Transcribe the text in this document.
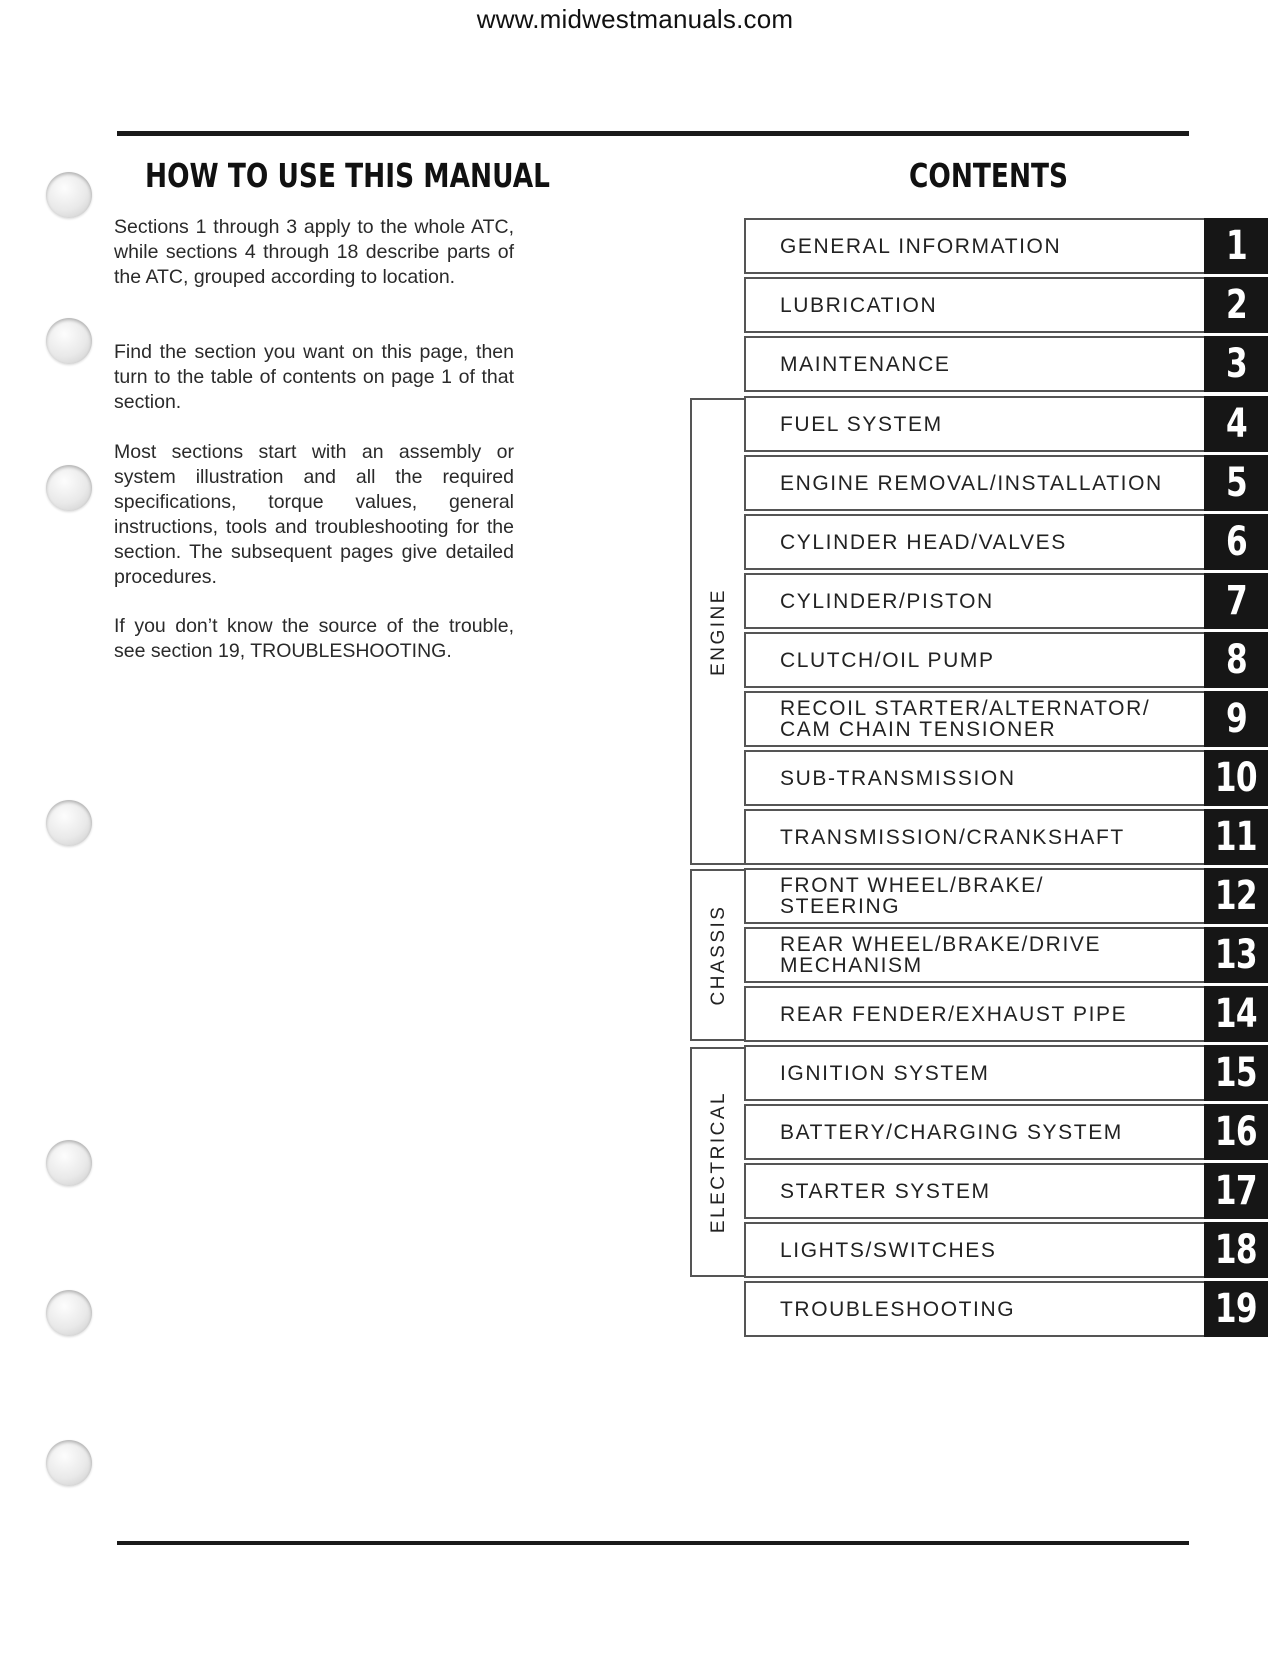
www.midwestmanuals.com
HOW TO USE THIS MANUAL

Sections 1 through 3 apply to the whole ATC, while sections 4 through 18 describe parts of the ATC, grouped according to location.

Find the section you want on this page, then turn to the table of contents on page 1 of that section.

Most sections start with an assembly or system illustration and all the required specifications, torque values, general instructions, tools and troubleshooting for the section. The subsequent pages give detailed procedures.

If you don’t know the source of the trouble, see section 19, TROUBLESHOOTING.

CONTENTS
ENGINE
CHASSIS
ELECTRICAL
GENERAL INFORMATION	1
LUBRICATION	2
MAINTENANCE	3
FUEL SYSTEM	4
ENGINE REMOVAL/INSTALLATION	5
CYLINDER HEAD/VALVES	6
CYLINDER/PISTON	7
CLUTCH/OIL PUMP	8
RECOIL STARTER/ALTERNATOR/
CAM CHAIN TENSIONER	9
SUB-TRANSMISSION	10
TRANSMISSION/CRANKSHAFT	11
FRONT WHEEL/BRAKE/
STEERING	12
REAR WHEEL/BRAKE/DRIVE
MECHANISM	13
REAR FENDER/EXHAUST PIPE	14
IGNITION SYSTEM	15
BATTERY/CHARGING SYSTEM	16
STARTER SYSTEM	17
LIGHTS/SWITCHES	18
TROUBLESHOOTING	19
